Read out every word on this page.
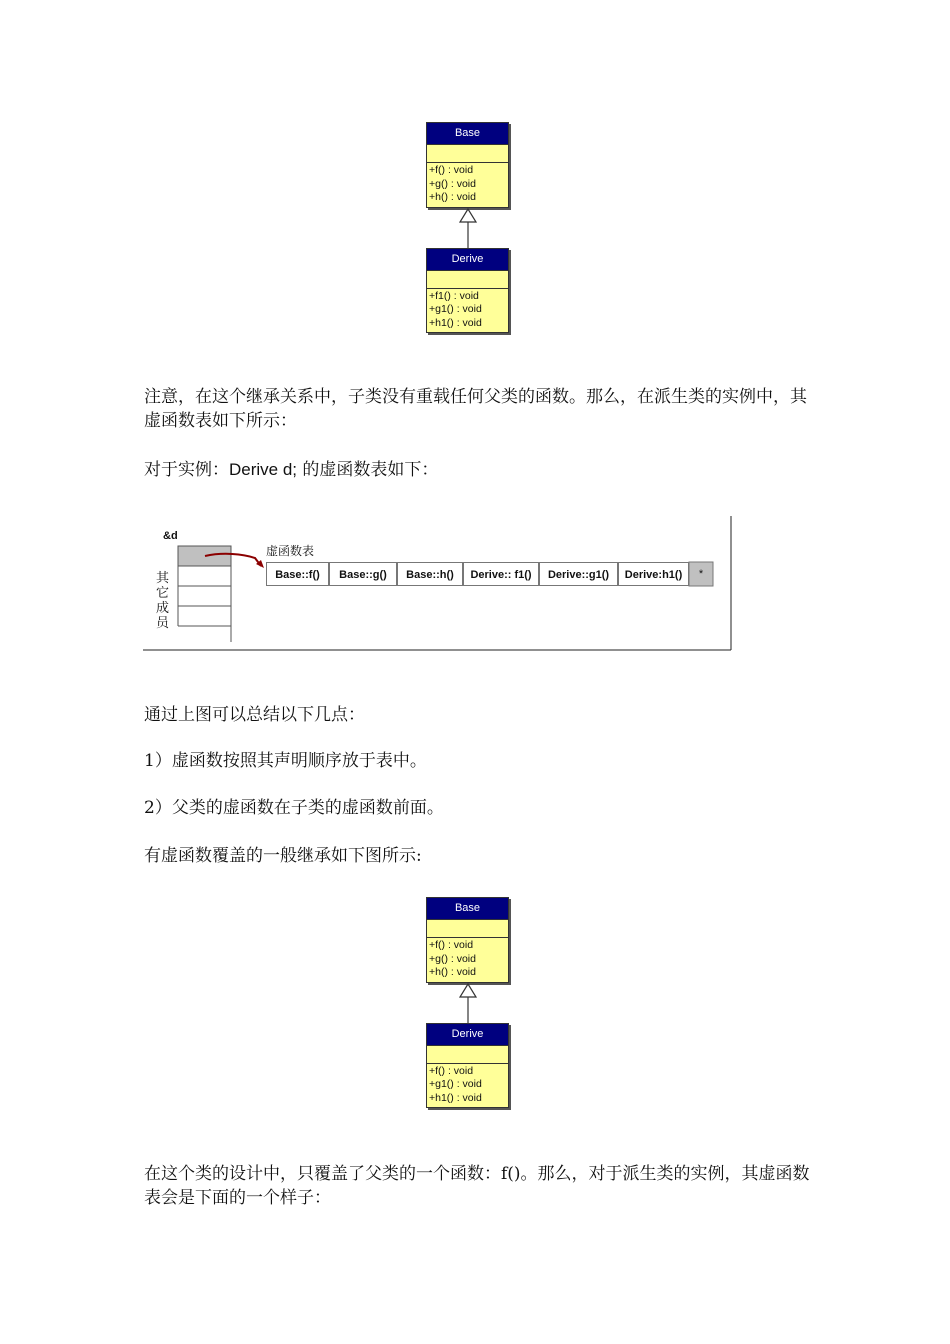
Base
+f() : void
+g() : void
+h() : void
Derive
+f1() : void
+g1() : void
+h1() : void

注意，在这个继承关系中，子类没有重载任何父类的函数。那么，在派生类的实例中，其虚函数表如下所示：

对于实例：Derive d; 的虚函数表如下：

&d
虚函数表
其
它
成
员
Base::f()	Base::g()	Base::h()	Derive:: f1()	Derive::g1()	Derive:h1()	*

通过上图可以总结以下几点：

1）虚函数按照其声明顺序放于表中。

2）父类的虚函数在子类的虚函数前面。

有虚函数覆盖的一般继承如下图所示:

Base
+f() : void
+g() : void
+h() : void
Derive
+f() : void
+g1() : void
+h1() : void

在这个类的设计中，只覆盖了父类的一个函数：f()。那么，对于派生类的实例，其虚函数表会是下面的一个样子：
